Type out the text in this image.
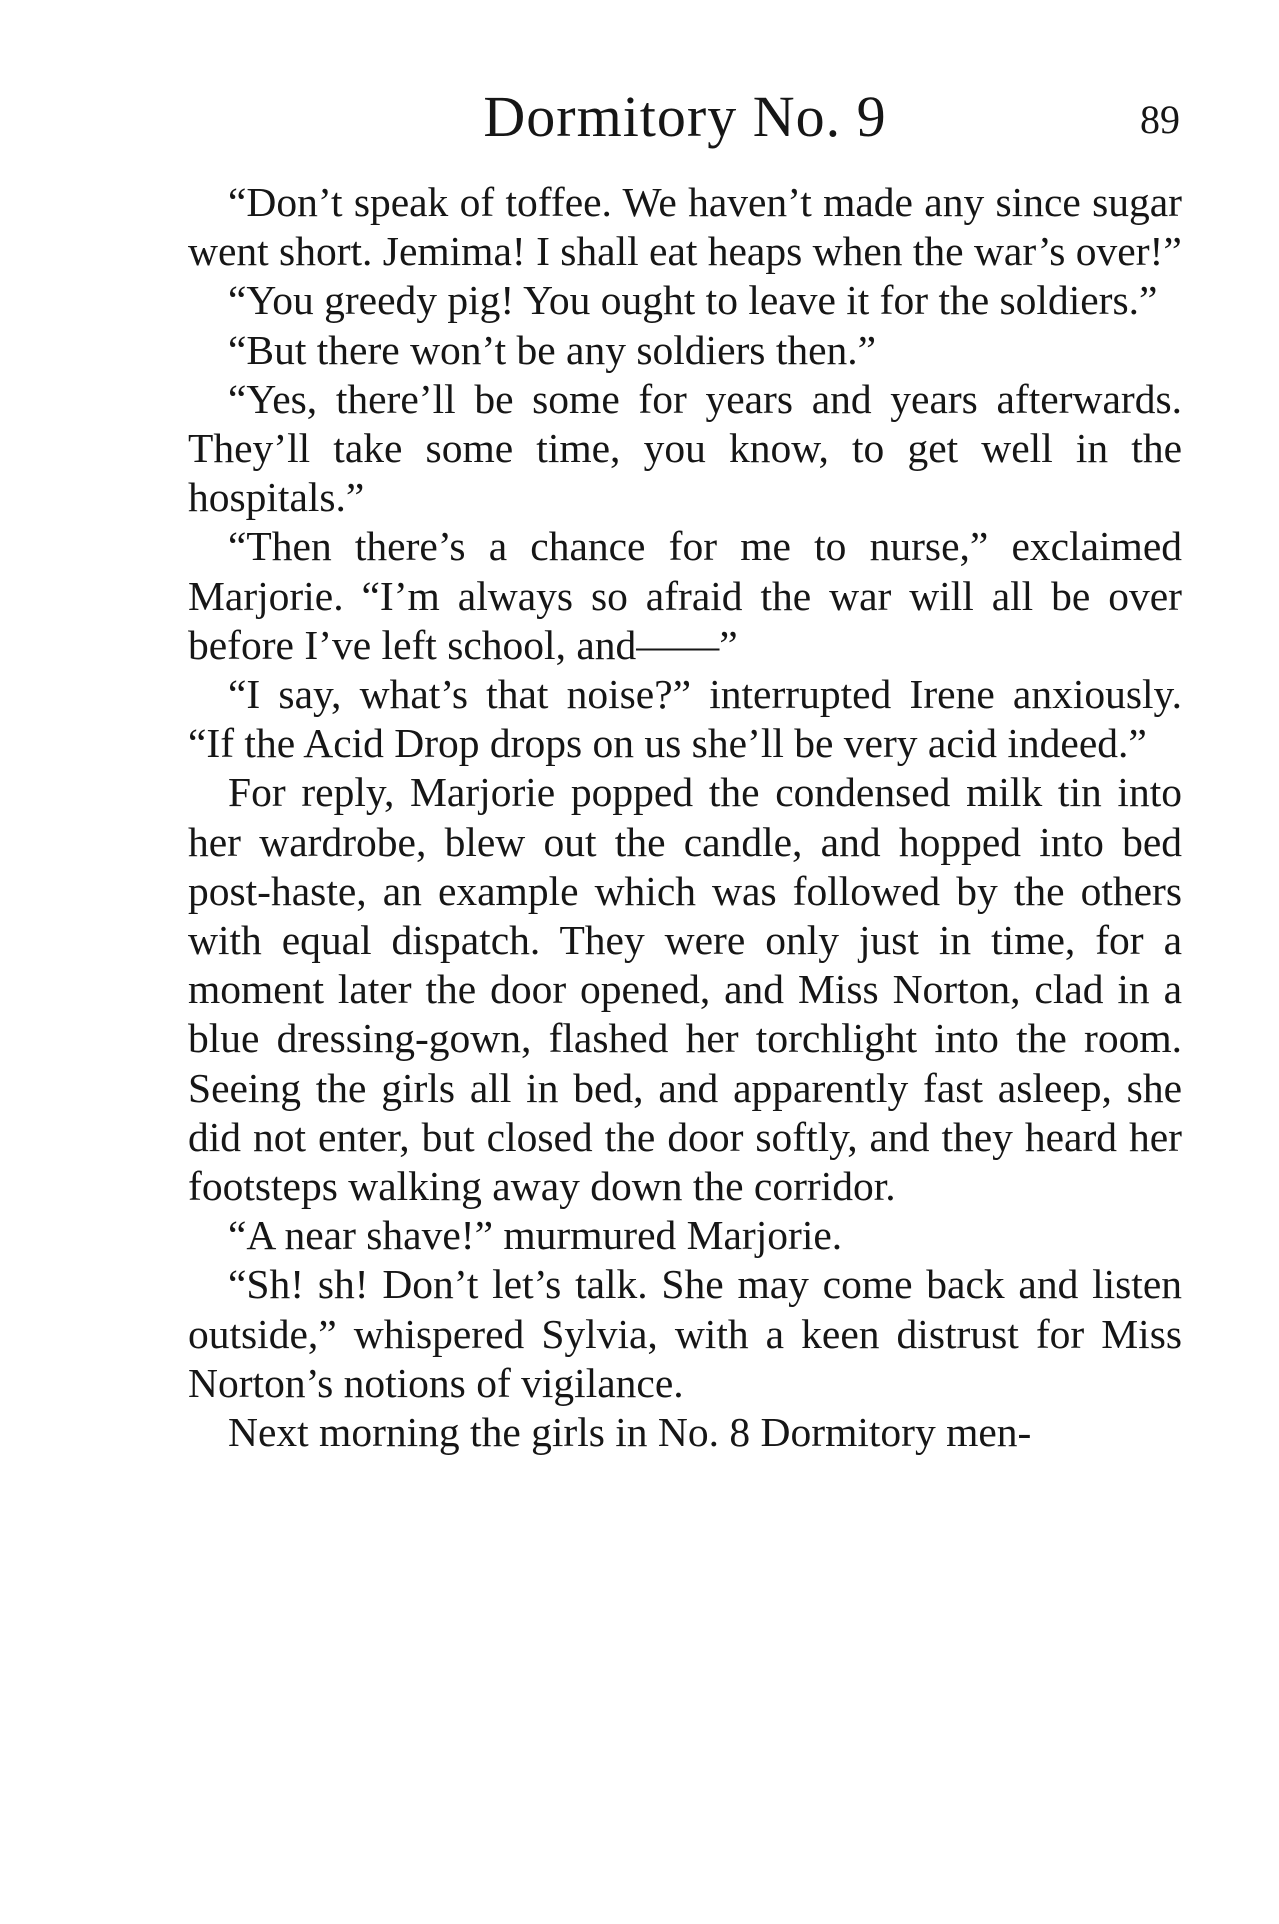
Dormitory No. 9	89

“Don’t speak of toffee. We haven’t made any since sugar went short. Jemima! I shall eat heaps when the war’s over!”

“You greedy pig! You ought to leave it for the soldiers.”

“But there won’t be any soldiers then.”

“Yes, there’ll be some for years and years afterwards. They’ll take some time, you know, to get well in the hospitals.”

“Then there’s a chance for me to nurse,” exclaimed Marjorie. “I’m always so afraid the war will all be over before I’ve left school, and——”

“I say, what’s that noise?” interrupted Irene anxiously. “If the Acid Drop drops on us she’ll be very acid indeed.”

For reply, Marjorie popped the condensed milk tin into her wardrobe, blew out the candle, and hopped into bed post-haste, an example which was followed by the others with equal dispatch. They were only just in time, for a moment later the door opened, and Miss Norton, clad in a blue dressing-gown, flashed her torchlight into the room. Seeing the girls all in bed, and apparently fast asleep, she did not enter, but closed the door softly, and they heard her footsteps walking away down the corridor.

“A near shave!” murmured Marjorie.

“Sh! sh! Don’t let’s talk. She may come back and listen outside,” whispered Sylvia, with a keen distrust for Miss Norton’s notions of vigilance.

Next morning the girls in No. 8 Dormitory men-
